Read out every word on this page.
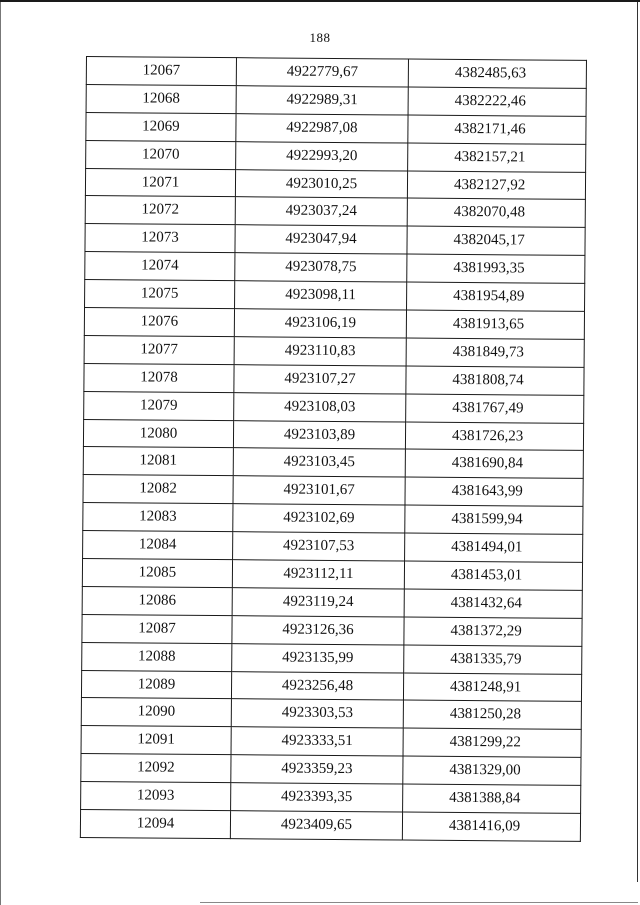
188
12067	4922779,67	4382485,63
12068	4922989,31	4382222,46
12069	4922987,08	4382171,46
12070	4922993,20	4382157,21
12071	4923010,25	4382127,92
12072	4923037,24	4382070,48
12073	4923047,94	4382045,17
12074	4923078,75	4381993,35
12075	4923098,11	4381954,89
12076	4923106,19	4381913,65
12077	4923110,83	4381849,73
12078	4923107,27	4381808,74
12079	4923108,03	4381767,49
12080	4923103,89	4381726,23
12081	4923103,45	4381690,84
12082	4923101,67	4381643,99
12083	4923102,69	4381599,94
12084	4923107,53	4381494,01
12085	4923112,11	4381453,01
12086	4923119,24	4381432,64
12087	4923126,36	4381372,29
12088	4923135,99	4381335,79
12089	4923256,48	4381248,91
12090	4923303,53	4381250,28
12091	4923333,51	4381299,22
12092	4923359,23	4381329,00
12093	4923393,35	4381388,84
12094	4923409,65	4381416,09
